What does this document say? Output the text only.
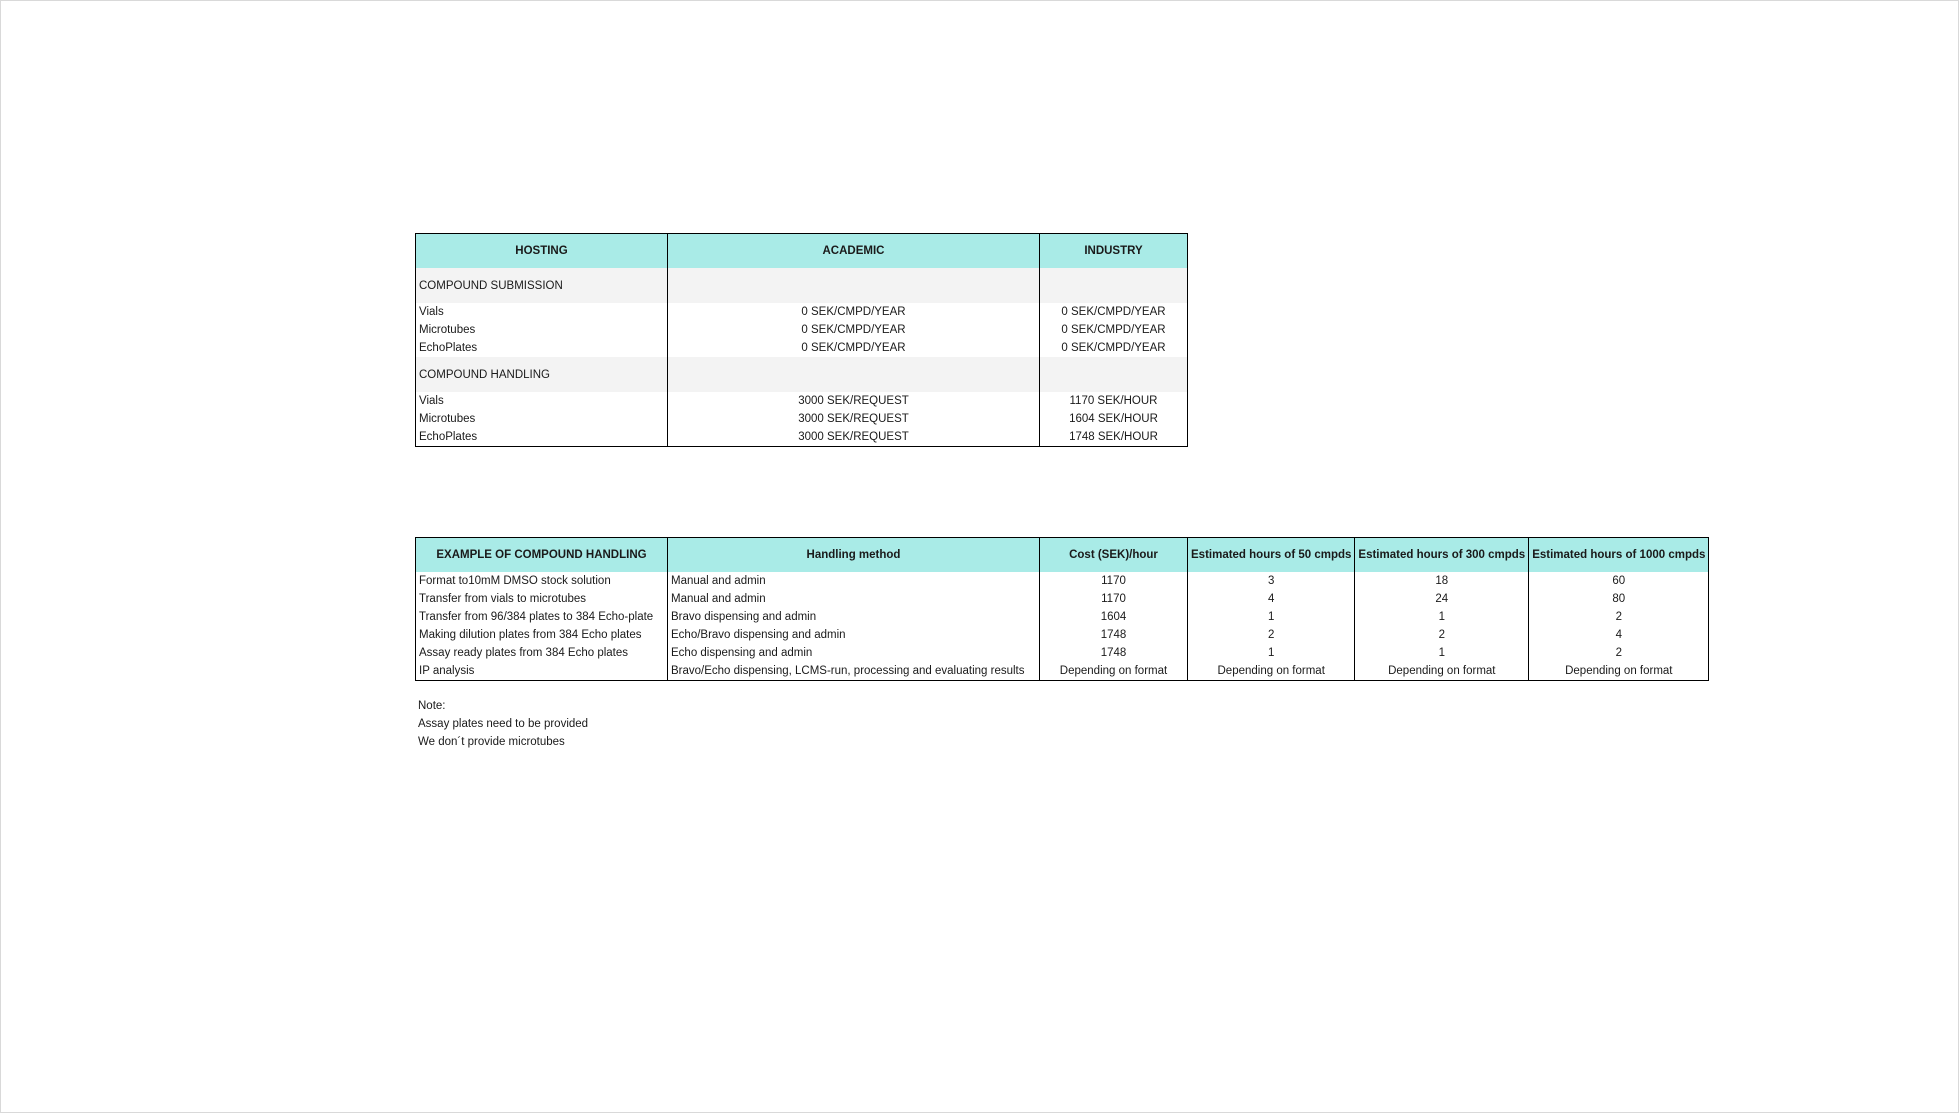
HOSTING	ACADEMIC	INDUSTRY
COMPOUND SUBMISSION		
Vials	0 SEK/CMPD/YEAR	0 SEK/CMPD/YEAR
Microtubes	0 SEK/CMPD/YEAR	0 SEK/CMPD/YEAR
EchoPlates	0 SEK/CMPD/YEAR	0 SEK/CMPD/YEAR
COMPOUND HANDLING		
Vials	3000 SEK/REQUEST	1170 SEK/HOUR
Microtubes	3000 SEK/REQUEST	1604 SEK/HOUR
EchoPlates	3000 SEK/REQUEST	1748 SEK/HOUR
EXAMPLE OF COMPOUND HANDLING	Handling method	Cost (SEK)/hour	Estimated hours of 50 cmpds	Estimated hours of 300 cmpds	Estimated hours of 1000 cmpds
Format to10mM DMSO stock solution	Manual and admin	1170	3	18	60
Transfer from vials to microtubes	Manual and admin	1170	4	24	80
Transfer from 96/384 plates to 384 Echo-plate	Bravo dispensing and admin	1604	1	1	2
Making dilution plates from 384 Echo plates	Echo/Bravo dispensing and admin	1748	2	2	4
Assay ready plates from 384 Echo plates	Echo dispensing and admin	1748	1	1	2
IP analysis	Bravo/Echo dispensing, LCMS-run, processing and evaluating results	Depending on format	Depending on format	Depending on format	Depending on format
Note:
Assay plates need to be provided
We don´t provide microtubes
